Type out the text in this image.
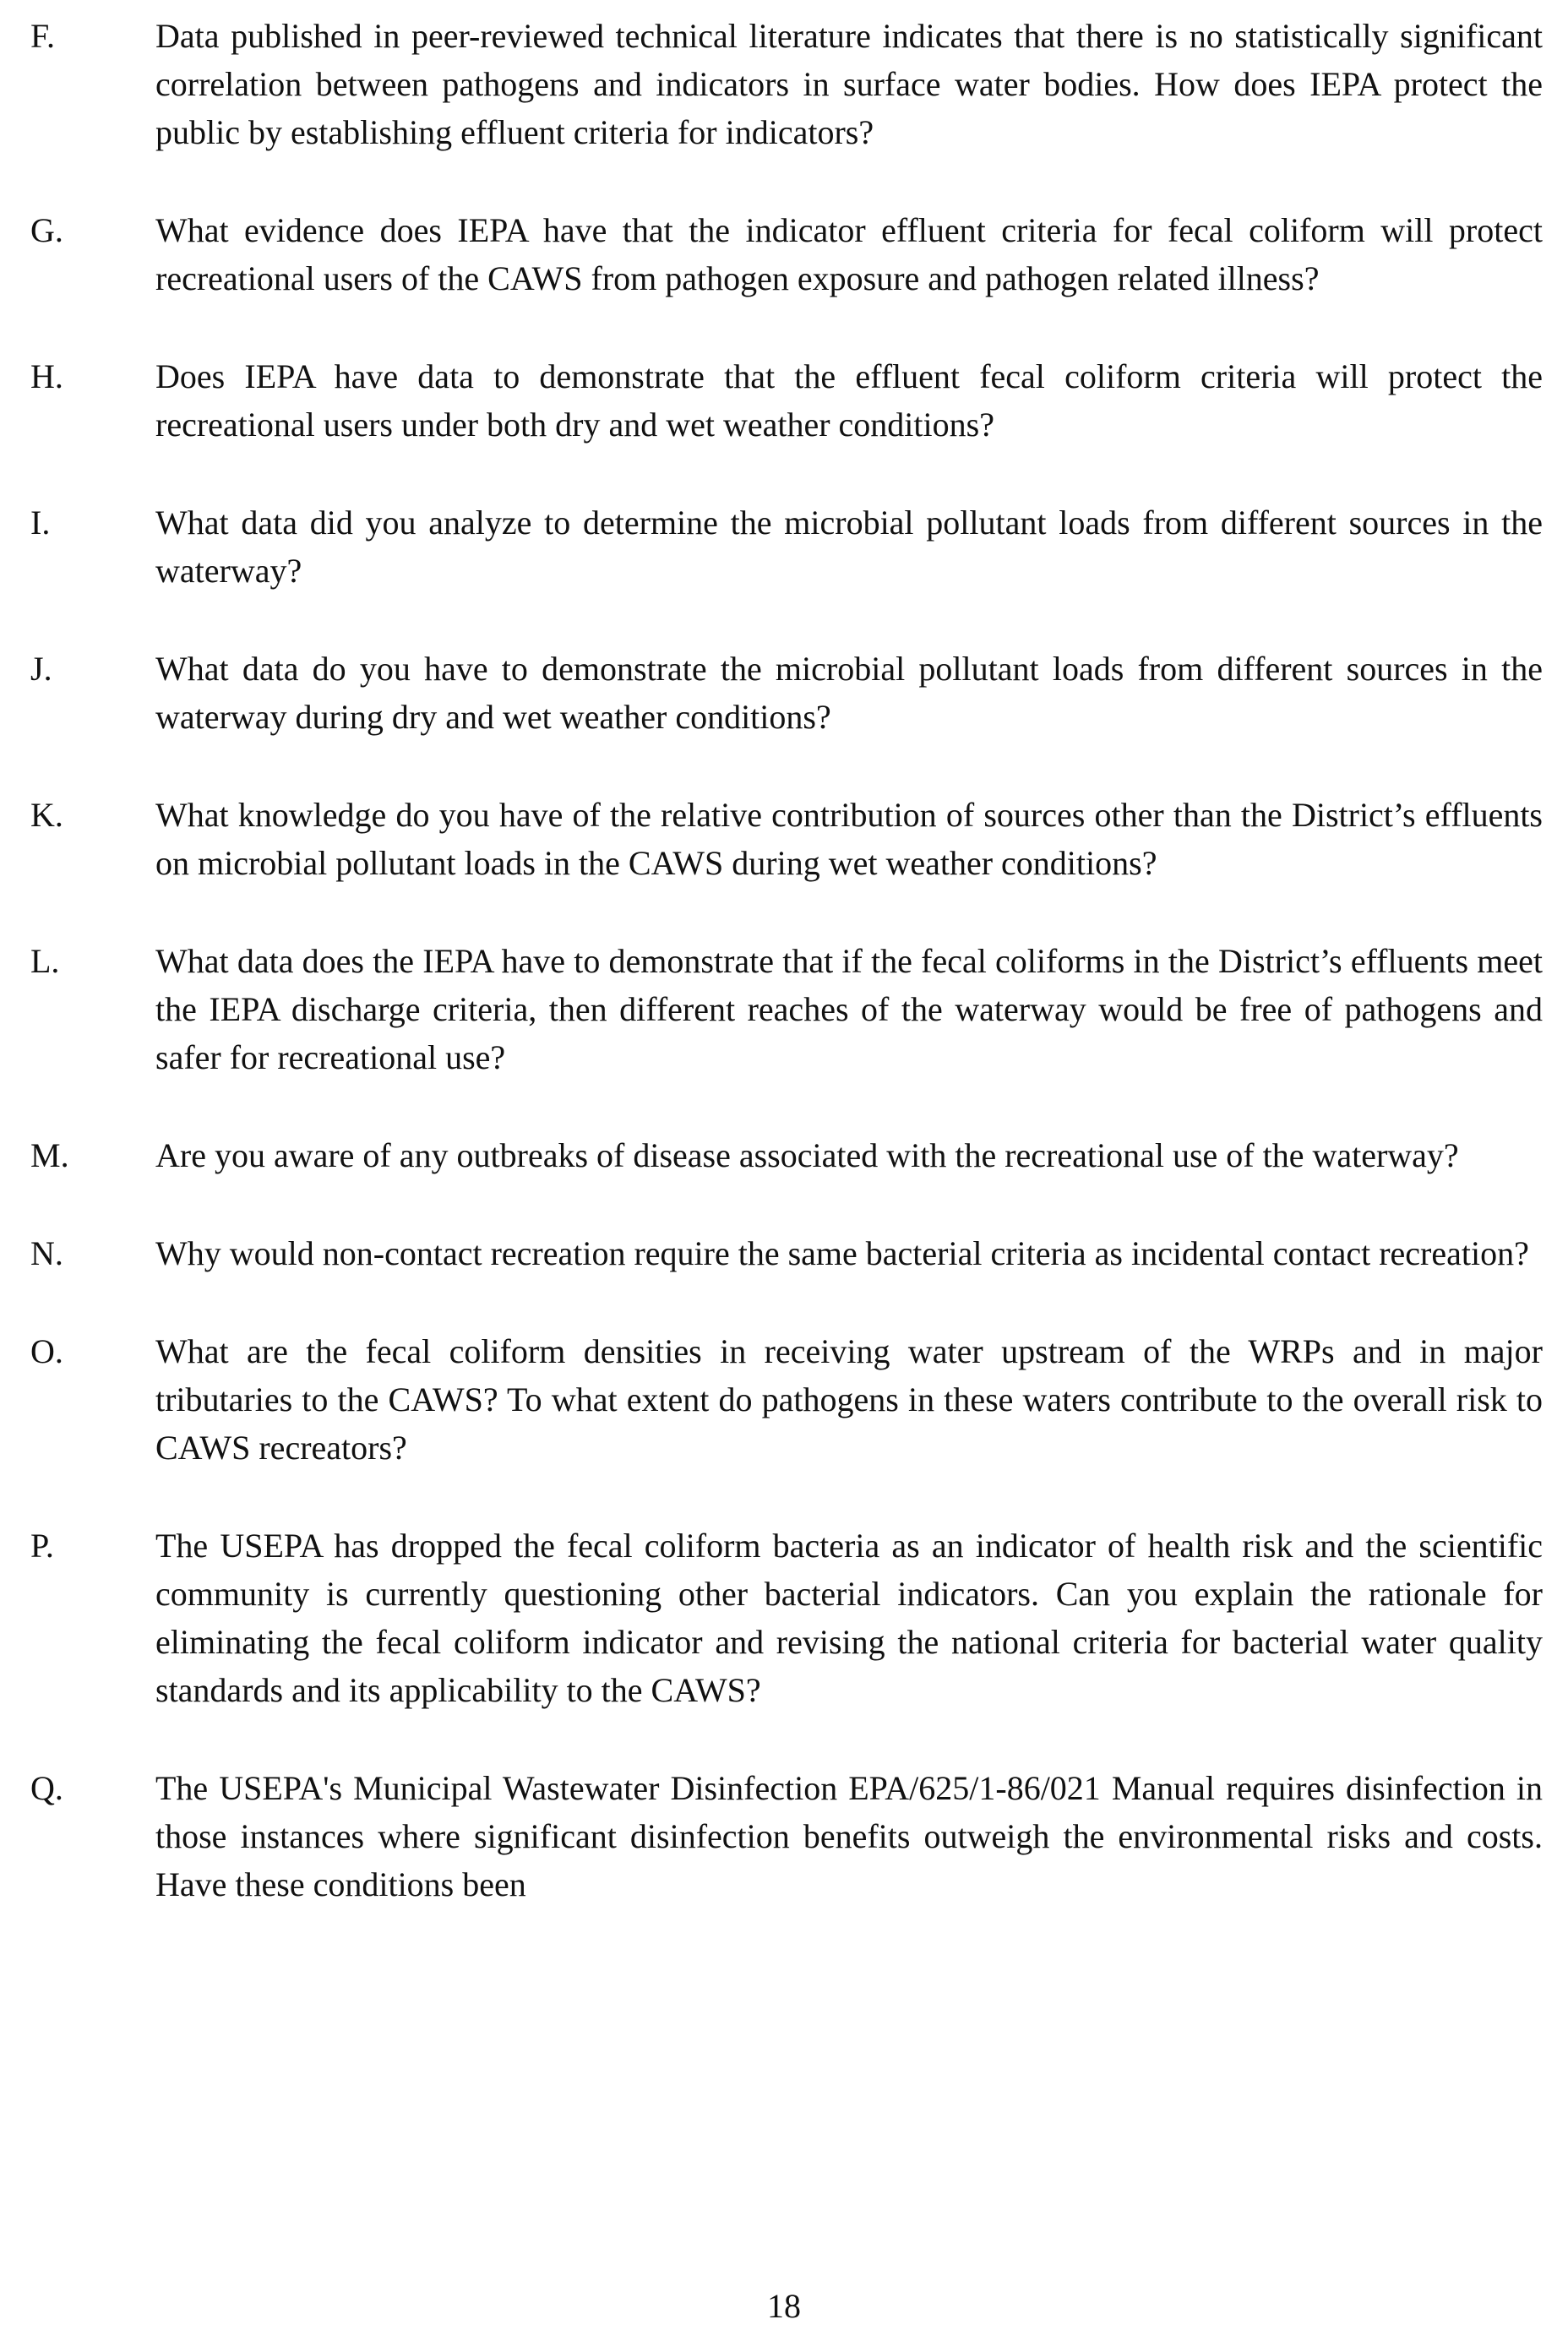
F.	Data published in peer-reviewed technical literature indicates that there is no statistically significant correlation between pathogens and indicators in surface water bodies. How does IEPA protect the public by establishing effluent criteria for indicators?
G.	What evidence does IEPA have that the indicator effluent criteria for fecal coliform will protect recreational users of the CAWS from pathogen exposure and pathogen related illness?
H.	Does IEPA have data to demonstrate that the effluent fecal coliform criteria will protect the recreational users under both dry and wet weather conditions?
I.	What data did you analyze to determine the microbial pollutant loads from different sources in the waterway?
J.	What data do you have to demonstrate the microbial pollutant loads from different sources in the waterway during dry and wet weather conditions?
K.	What knowledge do you have of the relative contribution of sources other than the District’s effluents on microbial pollutant loads in the CAWS during wet weather conditions?
L.	What data does the IEPA have to demonstrate that if the fecal coliforms in the District’s effluents meet the IEPA discharge criteria, then different reaches of the waterway would be free of pathogens and safer for recreational use?
M.	Are you aware of any outbreaks of disease associated with the recreational use of the waterway?
N.	Why would non-contact recreation require the same bacterial criteria as incidental contact recreation?
O.	What are the fecal coliform densities in receiving water upstream of the WRPs and in major tributaries to the CAWS? To what extent do pathogens in these waters contribute to the overall risk to CAWS recreators?
P.	The USEPA has dropped the fecal coliform bacteria as an indicator of health risk and the scientific community is currently questioning other bacterial indicators. Can you explain the rationale for eliminating the fecal coliform indicator and revising the national criteria for bacterial water quality standards and its applicability to the CAWS?
Q.	The USEPA's Municipal Wastewater Disinfection EPA/625/1-86/021 Manual requires disinfection in those instances where significant disinfection benefits outweigh the environmental risks and costs. Have these conditions been
18
